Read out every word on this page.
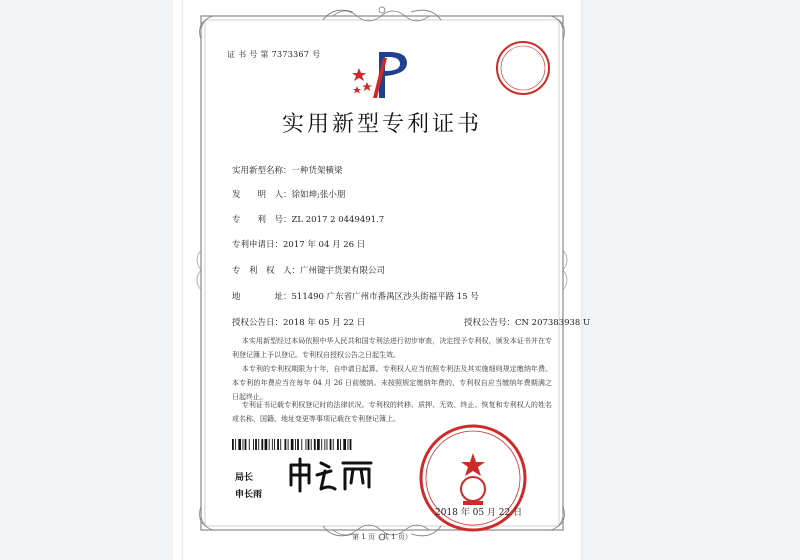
证 书 号 第 7373367 号
实用新型专利证书
实用新型名称：一种货架横梁
发　　明　人：徐如坤;张小朋
专　　利　号：ZL 2017 2 0449491.7
专利申请日：2017 年 04 月 26 日
专　利　权　人：广州键宇货架有限公司
地　　　　址：511490 广东省广州市番禺区沙头街福平路 15 号
授权公告日：2018 年 05 月 22 日	授权公告号：CN 207383938 U
本实用新型经过本局依照中华人民共和国专利法进行初步审查，决定授予专利权，颁发本证书并在专利登记簿上予以登记。专利权自授权公告之日起生效。
本专利的专利权期限为十年，自申请日起算。专利权人应当依照专利法及其实施细则规定缴纳年费。本专利的年费应当在每年 04 月 26 日前缴纳。未按照规定缴纳年费的，专利权自应当缴纳年费期满之日起终止。
专利证书记载专利权登记时的法律状况。专利权的转移、质押、无效、终止、恢复和专利权人的姓名或名称、国籍、地址变更等事项记载在专利登记簿上。
局长
申长雨
2018 年 05 月 22 日
第 1 页（共 1 页）
